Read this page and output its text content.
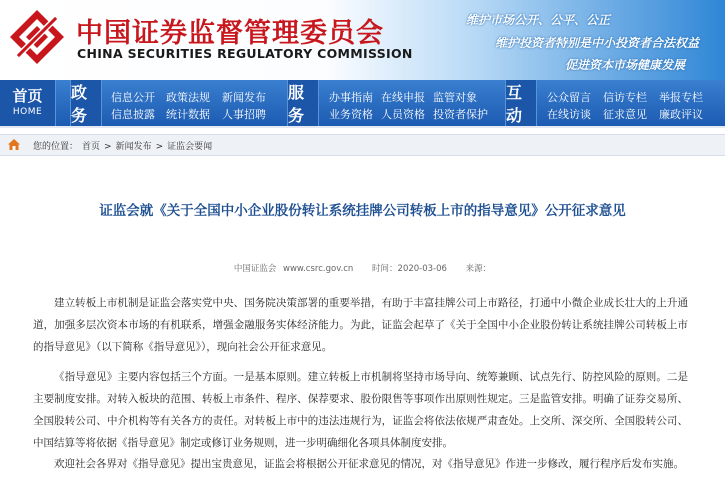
中国证券监督管理委员会
CHINA SECURITIES REGULATORY COMMISSION
维护市场公开、公平、公正
维护投资者特别是中小投资者合法权益
促进资本市场健康发展
首页
HOME
政务
信息公开 政策法规 新闻发布
信息披露 统计数据 人事招聘
服务
办事指南 在线申报 监管对象
业务资格 人员资格 投资者保护
互动
公众留言 信访专栏 举报专栏
在线访谈 征求意见 廉政评议
您的位置： 首页 > 新闻发布 > 证监会要闻
证监会就《关于全国中小企业股份转让系统挂牌公司转板上市的指导意见》公开征求意见
中国证监会 www.csrc.gov.cn 时间：2020-03-06 来源：

建立转板上市机制是证监会落实党中央、国务院决策部署的重要举措，有助于丰富挂牌公司上市路径，打通中小微企业成长壮大的上升通道，加强多层次资本市场的有机联系，增强金融服务实体经济能力。为此，证监会起草了《关于全国中小企业股份转让系统挂牌公司转板上市的指导意见》（以下简称《指导意见》），现向社会公开征求意见。

《指导意见》主要内容包括三个方面。一是基本原则。建立转板上市机制将坚持市场导向、统筹兼顾、试点先行、防控风险的原则。二是主要制度安排。对转入板块的范围、转板上市条件、程序、保荐要求、股份限售等事项作出原则性规定。三是监管安排。明确了证券交易所、全国股转公司、中介机构等有关各方的责任。对转板上市中的违法违规行为，证监会将依法依规严肃查处。上交所、深交所、全国股转公司、中国结算等将依据《指导意见》制定或修订业务规则，进一步明确细化各项具体制度安排。

欢迎社会各界对《指导意见》提出宝贵意见，证监会将根据公开征求意见的情况，对《指导意见》作进一步修改，履行程序后发布实施。
